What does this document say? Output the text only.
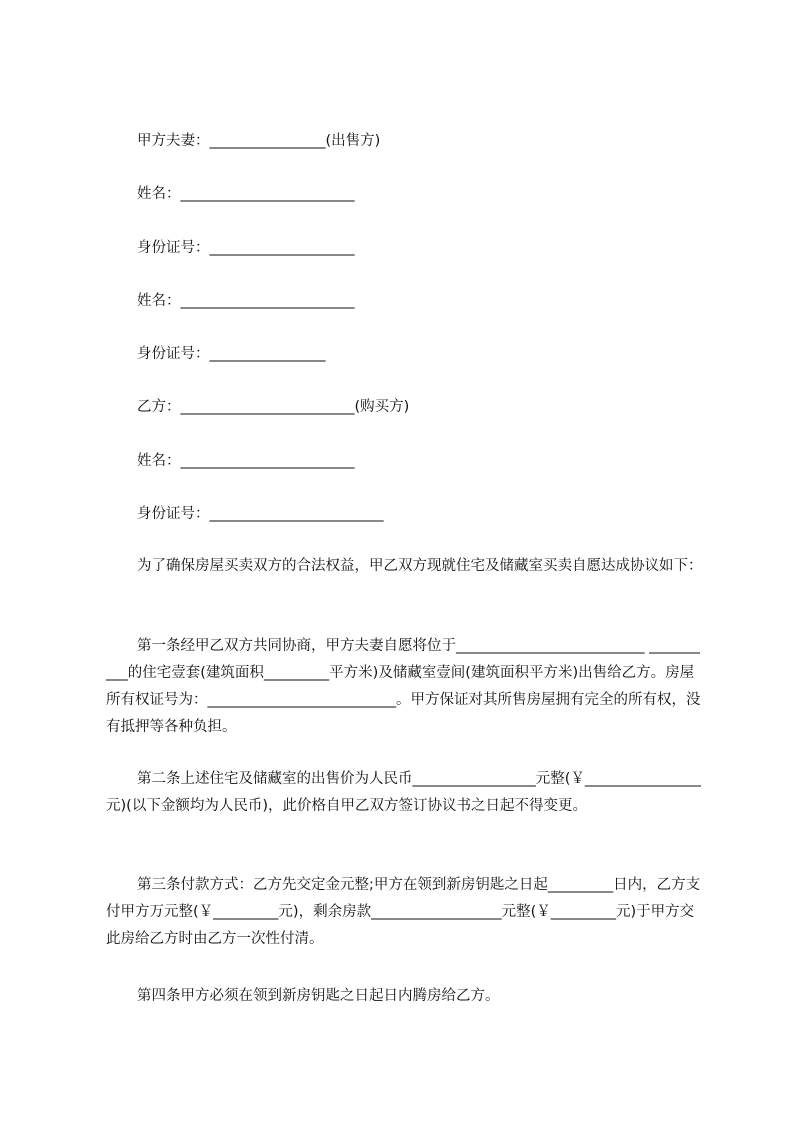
甲方夫妻：________________(出售方)
姓名：________________________
身份证号：____________________
姓名：________________________
身份证号：________________
乙方：________________________(购买方)
姓名：________________________
身份证号：________________________
为了确保房屋买卖双方的合法权益，甲乙双方现就住宅及储藏室买卖自愿达成协议如下：
第一条经甲乙双方共同协商，甲方夫妻自愿将位于__________________________ __________的住宅壹套(建筑面积_________平方米)及储藏室壹间(建筑面积平方米)出售给乙方。房屋所有权证号为：__________________________。甲方保证对其所售房屋拥有完全的所有权，没有抵押等各种负担。
第二条上述住宅及储藏室的出售价为人民币_________________元整(￥________________元)(以下金额均为人民币)，此价格自甲乙双方签订协议书之日起不得变更。
第三条付款方式：乙方先交定金元整;甲方在领到新房钥匙之日起_________日内，乙方支付甲方万元整(￥_________元)，剩余房款__________________元整(￥_________元)于甲方交此房给乙方时由乙方一次性付清。
第四条甲方必须在领到新房钥匙之日起日内腾房给乙方。
